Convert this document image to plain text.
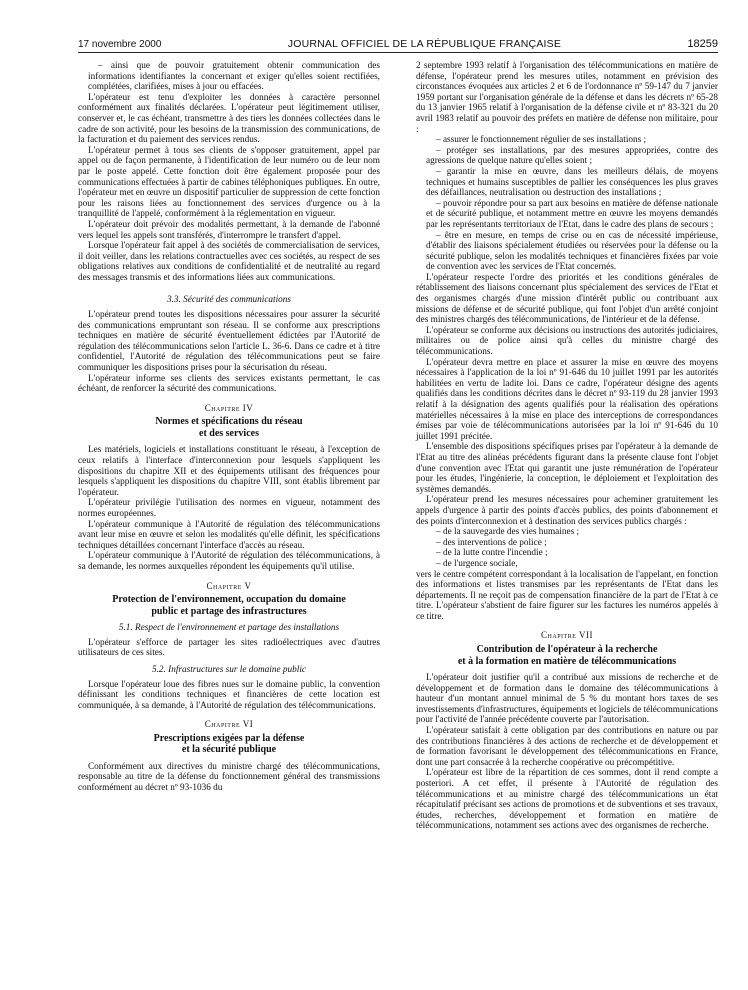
17 novembre 2000	JOURNAL OFFICIEL DE LA RÉPUBLIQUE FRANÇAISE	18259

– ainsi que de pouvoir gratuitement obtenir communication des informations identifiantes la concernant et exiger qu'elles soient rectifiées, complétées, clarifiées, mises à jour ou effacées.

L'opérateur est tenu d'exploiter les données à caractère personnel conformément aux finalités déclarées. L'opérateur peut légitimement utiliser, conserver et, le cas échéant, transmettre à des tiers les données collectées dans le cadre de son activité, pour les besoins de la transmission des communications, de la facturation et du paiement des services rendus.

L'opérateur permet à tous ses clients de s'opposer gratuitement, appel par appel ou de façon permanente, à l'identification de leur numéro ou de leur nom par le poste appelé. Cette fonction doit être également proposée pour des communications effectuées à partir de cabines téléphoniques publiques. En outre, l'opérateur met en œuvre un dispositif particulier de suppression de cette fonction pour les raisons liées au fonctionnement des services d'urgence ou à la tranquillité de l'appelé, conformément à la réglementation en vigueur.

L'opérateur doit prévoir des modalités permettant, à la demande de l'abonné vers lequel les appels sont transférés, d'interrompre le transfert d'appel.

Lorsque l'opérateur fait appel à des sociétés de commercialisation de services, il doit veiller, dans les relations contractuelles avec ces sociétés, au respect de ses obligations relatives aux conditions de confidentialité et de neutralité au regard des messages transmis et des informations liées aux communications.

3.3. Sécurité des communications

L'opérateur prend toutes les dispositions nécessaires pour assurer la sécurité des communications empruntant son réseau. Il se conforme aux prescriptions techniques en matière de sécurité éventuellement édictées par l'Autorité de régulation des télécommunications selon l'article L. 36-6. Dans ce cadre et à titre confidentiel, l'Autorité de régulation des télécommunications peut se faire communiquer les dispositions prises pour la sécurisation du réseau.

L'opérateur informe ses clients des services existants permettant, le cas échéant, de renforcer la sécurité des communications.

Chapitre IV
Normes et spécifications du réseau
et des services

Les matériels, logiciels et installations constituant le réseau, à l'exception de ceux relatifs à l'interface d'interconnexion pour lesquels s'appliquent les dispositions du chapitre XII et des équipements utilisant des fréquences pour lesquels s'appliquent les dispositions du chapitre VIII, sont établis librement par l'opérateur.

L'opérateur privilégie l'utilisation des normes en vigueur, notamment des normes européennes.

L'opérateur communique à l'Autorité de régulation des télécommunications avant leur mise en œuvre et selon les modalités qu'elle définit, les spécifications techniques détaillées concernant l'interface d'accès au réseau.

L'opérateur communique à l'Autorité de régulation des télécommunications, à sa demande, les normes auxquelles répondent les équipements qu'il utilise.

Chapitre V
Protection de l'environnement, occupation du domaine
public et partage des infrastructures
5.1. Respect de l'environnement et partage des installations

L'opérateur s'efforce de partager les sites radioélectriques avec d'autres utilisateurs de ces sites.

5.2. Infrastructures sur le domaine public

Lorsque l'opérateur loue des fibres nues sur le domaine public, la convention définissant les conditions techniques et financières de cette location est communiquée, à sa demande, à l'Autorité de régulation des télécommunications.

Chapitre VI
Prescriptions exigées par la défense
et la sécurité publique

Conformément aux directives du ministre chargé des télécommunications, responsable au titre de la défense du fonctionnement général des transmissions conformément au décret nº 93-1036 du

2 septembre 1993 relatif à l'organisation des télécommunications en matière de défense, l'opérateur prend les mesures utiles, notamment en prévision des circonstances évoquées aux articles 2 et 6 de l'ordonnance nº 59-147 du 7 janvier 1959 portant sur l'organisation générale de la défense et dans les décrets nº 65-28 du 13 janvier 1965 relatif à l'organisation de la défense civile et nº 83-321 du 20 avril 1983 relatif au pouvoir des préfets en matière de défense non militaire, pour :

– assurer le fonctionnement régulier de ses installations ;

– protéger ses installations, par des mesures appropriées, contre des agressions de quelque nature qu'elles soient ;

– garantir la mise en œuvre, dans les meilleurs délais, de moyens techniques et humains susceptibles de pallier les conséquences les plus graves des défaillances, neutralisation ou destruction des installations ;

– pouvoir répondre pour sa part aux besoins en matière de défense nationale et de sécurité publique, et notamment mettre en œuvre les moyens demandés par les représentants territoriaux de l'Etat, dans le cadre des plans de secours ;

– être en mesure, en temps de crise ou en cas de nécessité impérieuse, d'établir des liaisons spécialement étudiées ou réservées pour la défense ou la sécurité publique, selon les modalités techniques et financières fixées par voie de convention avec les services de l'Etat concernés.

L'opérateur respecte l'ordre des priorités et les conditions générales de rétablissement des liaisons concernant plus spécialement des services de l'Etat et des organismes chargés d'une mission d'intérêt public ou contribuant aux missions de défense et de sécurité publique, qui font l'objet d'un arrêté conjoint des ministres chargés des télécommunications, de l'intérieur et de la défense.

L'opérateur se conforme aux décisions ou instructions des autorités judiciaires, militaires ou de police ainsi qu'à celles du ministre chargé des télécommunications.

L'opérateur devra mettre en place et assurer la mise en œuvre des moyens nécessaires à l'application de la loi nº 91-646 du 10 juillet 1991 par les autorités habilitées en vertu de ladite loi. Dans ce cadre, l'opérateur désigne des agents qualifiés dans les conditions décrites dans le décret nº 93-119 du 28 janvier 1993 relatif à la désignation des agents qualifiés pour la réalisation des opérations matérielles nécessaires à la mise en place des interceptions de correspondances émises par voie de télécommunications autorisées par la loi nº 91-646 du 10 juillet 1991 précitée.

L'ensemble des dispositions spécifiques prises par l'opérateur à la demande de l'Etat au titre des alinéas précédents figurant dans la présente clause font l'objet d'une convention avec l'Etat qui garantit une juste rémunération de l'opérateur pour les études, l'ingénierie, la conception, le déploiement et l'exploitation des systèmes demandés.

L'opérateur prend les mesures nécessaires pour acheminer gratuitement les appels d'urgence à partir des points d'accès publics, des points d'abonnement et des points d'interconnexion et à destination des services publics chargés :

– de la sauvegarde des vies humaines ;

– des interventions de police ;

– de la lutte contre l'incendie ;

– de l'urgence sociale,

vers le centre compétent correspondant à la localisation de l'appelant, en fonction des informations et listes transmises par les représentants de l'Etat dans les départements. Il ne reçoit pas de compensation financière de la part de l'Etat à ce titre. L'opérateur s'abstient de faire figurer sur les factures les numéros appelés à ce titre.

Chapitre VII
Contribution de l'opérateur à la recherche
et à la formation en matière de télécommunications

L'opérateur doit justifier qu'il a contribué aux missions de recherche et de développement et de formation dans le domaine des télécommunications à hauteur d'un montant annuel minimal de 5 % du montant hors taxes de ses investissements d'infrastructures, équipements et logiciels de télécommunications pour l'activité de l'année précédente couverte par l'autorisation.

L'opérateur satisfait à cette obligation par des contributions en nature ou par des contributions financières à des actions de recherche et de développement et de formation favorisant le développement des télécommunications en France, dont une part consacrée à la recherche coopérative ou précompétitive.

L'opérateur est libre de la répartition de ces sommes, dont il rend compte a posteriori. A cet effet, il présente à l'Autorité de régulation des télécommunications et au ministre chargé des télécommunications un état récapitulatif précisant ses actions de promotions et de subventions et ses travaux, études, recherches, développement et formation en matière de télécommunications, notamment ses actions avec des organismes de recherche.
